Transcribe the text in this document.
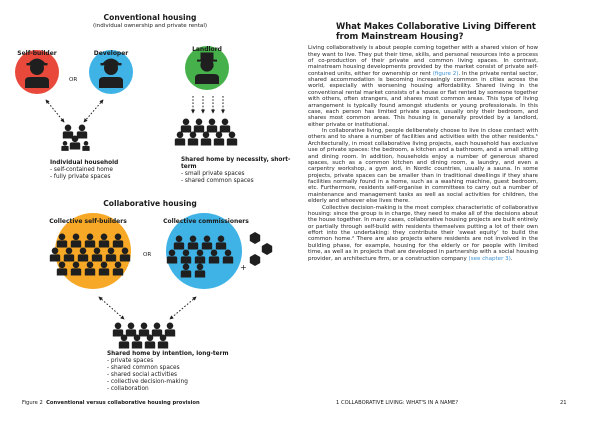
Conventional housing
(individual ownership and private rental)
Self-builder
OR
Developer
Landlord
Individual household
- self-contained home
- fully private spaces
Shared home by necessity, short-term
- small private spaces
- shared common spaces
Collaborative housing
Collective self-builders
OR
Collective commissioners
+
Shared home by intention, long-term
- private spaces
- shared common spaces
- shared social activities
- collective decision-making
- collaboration
Figure 2 Conventional versus collaborative housing provision
What Makes Collaborative Living Different from Mainstream Housing?

Living collaboratively is about people coming together with a shared vision of how they want to live. They put their time, skills, and personal resources into a process of co-production of their private and common living spaces. In contrast, mainstream housing developments provided by the market consist of private self-contained units, either for ownership or rent (figure 2). In the private rental sector, shared accommodation is becoming increasingly common in cities across the world, especially with worsening housing affordability. Shared living in the conventional rental market consists of a house or flat rented by someone together with others, often strangers, and shares most common areas. This type of living arrangement is typically found amongst students or young professionals. In this case, each person has limited private space, usually only their bedroom, and shares most common areas. This housing is generally provided by a landlord, either private or institutional.

In collaborative living, people deliberately choose to live in close contact with others and to share a number of facilities and activities with the other residents.¹ Architecturally, in most collaborative living projects, each household has exclusive use of private spaces: the bedroom, a kitchen and a bathroom, and a small sitting and dining room. In addition, households enjoy a number of generous shared spaces, such as a common kitchen and dining room, a laundry, and even a carpentry workshop, a gym and, in Nordic countries, usually a sauna. In some projects, private spaces can be smaller than in traditional dwellings if they share facilities normally found in a home, such as a washing machine, guest bedroom, etc. Furthermore, residents self-organise in committees to carry out a number of maintenance and management tasks as well as social activities for children, the elderly and whoever else lives there.

Collective decision-making is the most complex characteristic of collaborative housing: since the group is in charge, they need to make all of the decisions about the house together. In many cases, collaborative housing projects are built entirely or partially through self-build with residents themselves putting a lot of their own effort into the undertaking: they contribute their ‘sweat equity’ to build the common home.² There are also projects where residents are not involved in the building phase, for example, housing for the elderly or for people with limited time, as well as in projects that are developed in partnership with a social housing provider, an architecture firm, or a construction company (see chapter 3).

1 COLLABORATIVE LIVING: WHAT'S IN A NAME?	21
